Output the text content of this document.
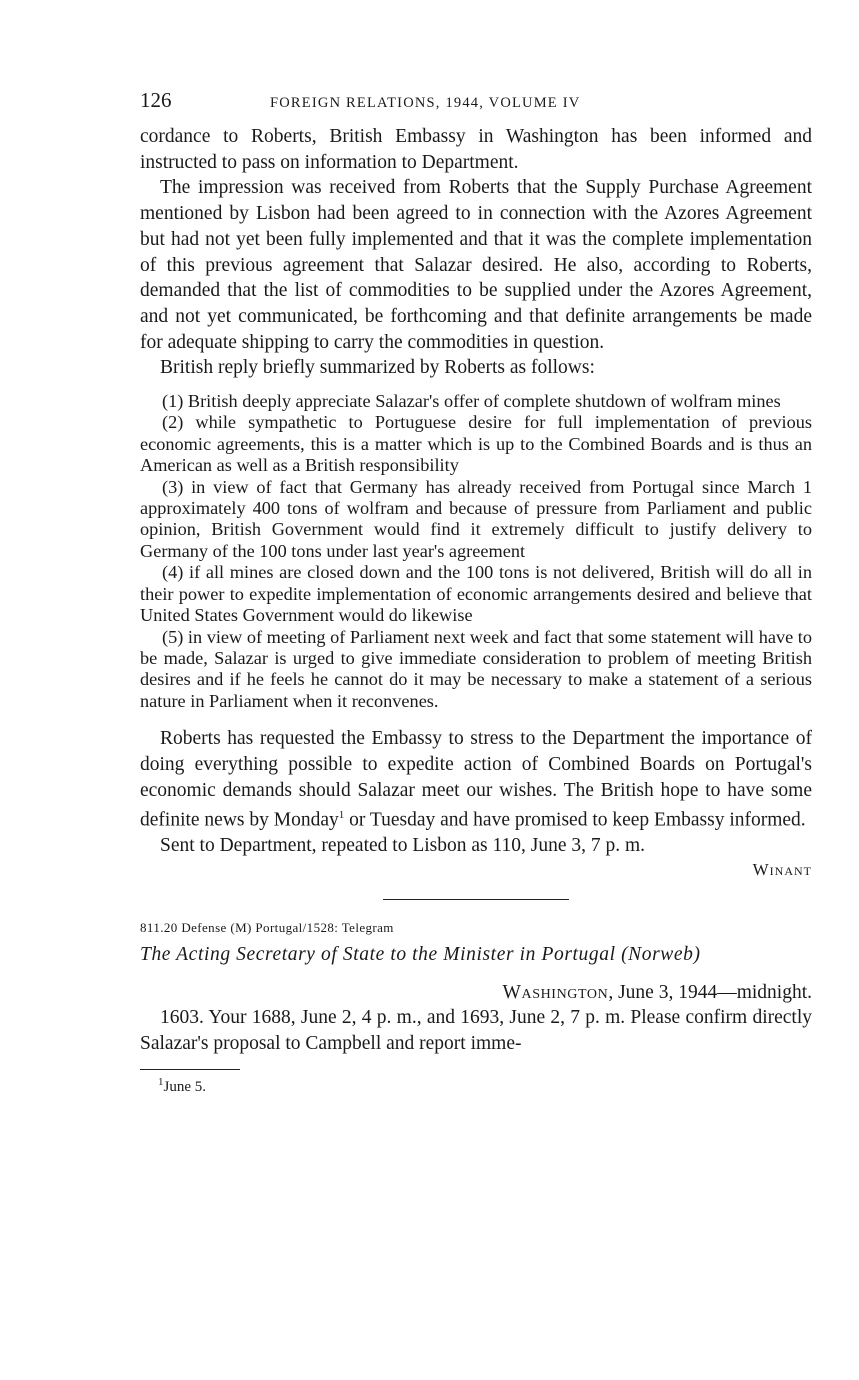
126	FOREIGN RELATIONS, 1944, VOLUME IV

cordance to Roberts, British Embassy in Washington has been informed and instructed to pass on information to Department.

The impression was received from Roberts that the Supply Purchase Agreement mentioned by Lisbon had been agreed to in connection with the Azores Agreement but had not yet been fully implemented and that it was the complete implementation of this previous agreement that Salazar desired. He also, according to Roberts, demanded that the list of commodities to be supplied under the Azores Agreement, and not yet communicated, be forthcoming and that definite arrangements be made for adequate shipping to carry the commodities in question.

British reply briefly summarized by Roberts as follows:

(1) British deeply appreciate Salazar's offer of complete shutdown of wolfram mines

(2) while sympathetic to Portuguese desire for full implementation of previous economic agreements, this is a matter which is up to the Combined Boards and is thus an American as well as a British responsibility

(3) in view of fact that Germany has already received from Portugal since March 1 approximately 400 tons of wolfram and because of pressure from Parliament and public opinion, British Government would find it extremely difficult to justify delivery to Germany of the 100 tons under last year's agreement

(4) if all mines are closed down and the 100 tons is not delivered, British will do all in their power to expedite implementation of economic arrangements desired and believe that United States Government would do likewise

(5) in view of meeting of Parliament next week and fact that some statement will have to be made, Salazar is urged to give immediate consideration to problem of meeting British desires and if he feels he cannot do it may be necessary to make a statement of a serious nature in Parliament when it reconvenes.

Roberts has requested the Embassy to stress to the Department the importance of doing everything possible to expedite action of Combined Boards on Portugal's economic demands should Salazar meet our wishes. The British hope to have some definite news by Monday$^1$ or Tuesday and have promised to keep Embassy informed.

Sent to Department, repeated to Lisbon as 110, June 3, 7 p. m.

Winant
811.20 Defense (M) Portugal/1528: Telegram
The Acting Secretary of State to the Minister in Portugal (Norweb)
Washington, June 3, 1944—midnight.

1603. Your 1688, June 2, 4 p. m., and 1693, June 2, 7 p. m. Please confirm directly Salazar's proposal to Campbell and report imme-

$^1$June 5.
